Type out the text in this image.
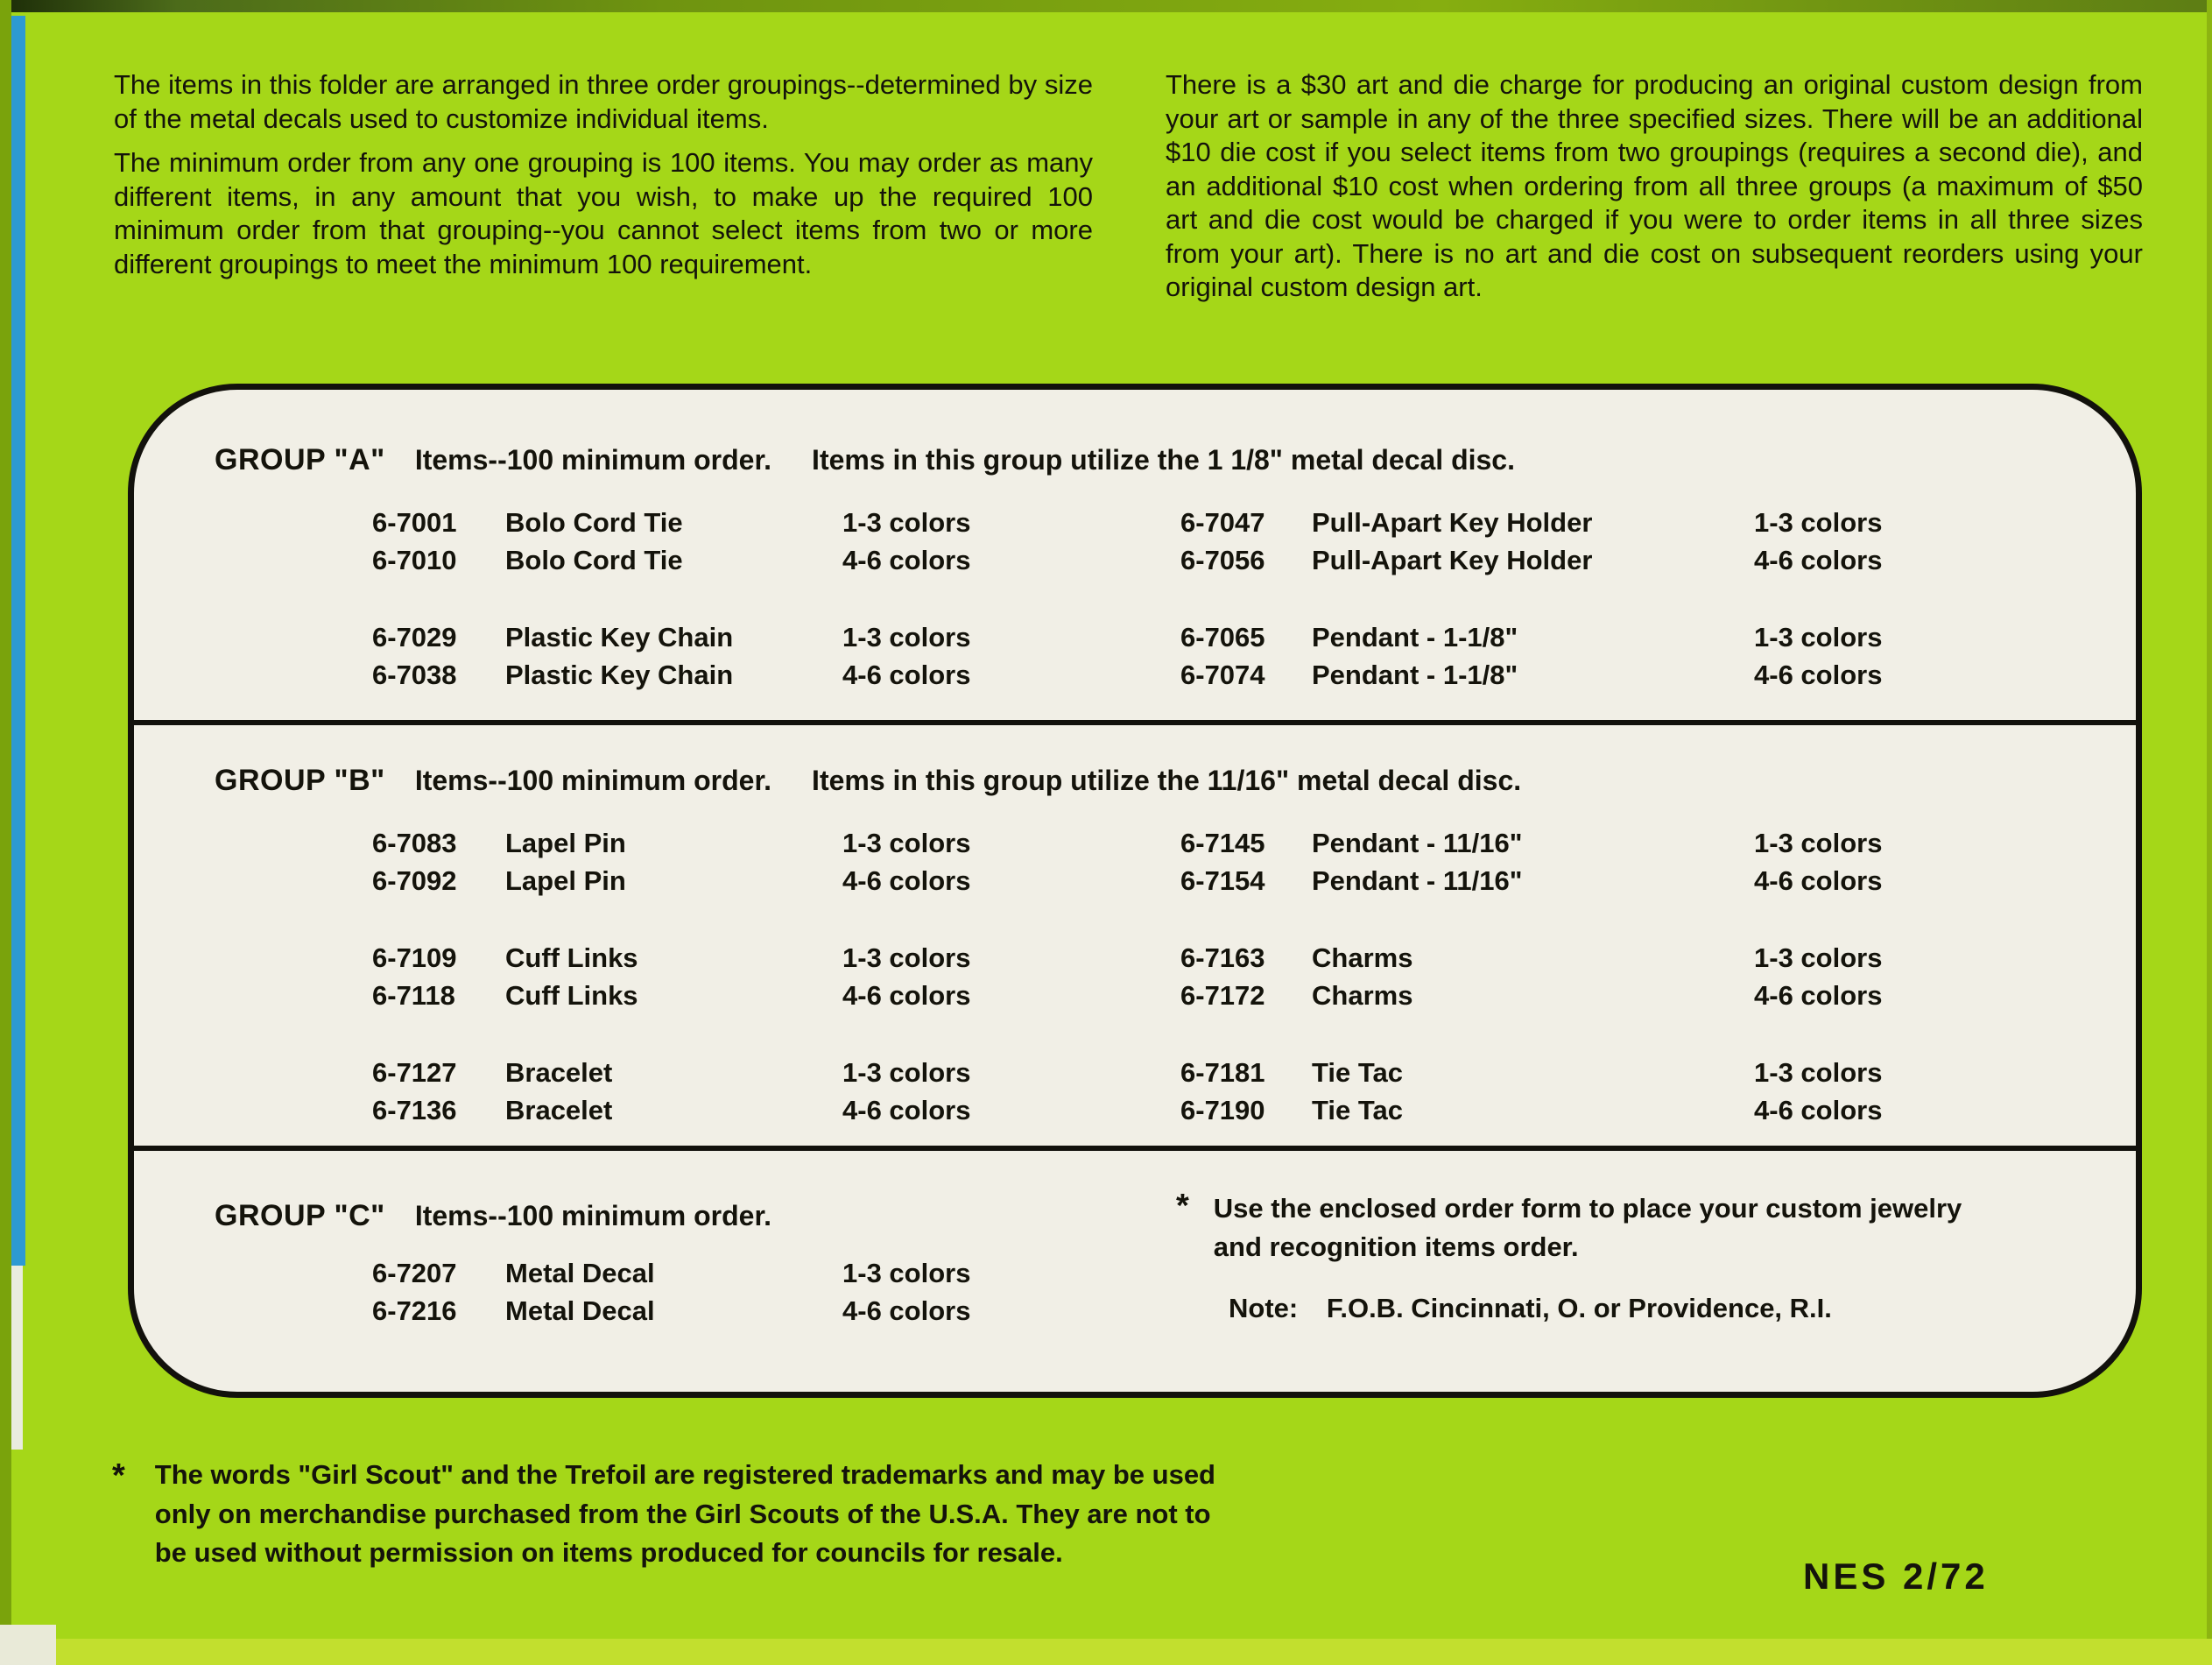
The items in this folder are arranged in three order groupings--determined by size of the metal decals used to customize individual items.

The minimum order from any one grouping is 100 items. You may order as many different items, in any amount that you wish, to make up the required 100 minimum order from that grouping--you cannot select items from two or more different groupings to meet the minimum 100 requirement.

There is a $30 art and die charge for producing an original custom design from your art or sample in any of the three specified sizes. There will be an additional $10 die cost if you select items from two groupings (requires a second die), and an additional $10 cost when ordering from all three groups (a maximum of $50 art and die cost would be charged if you were to order items in all three sizes from your art). There is no art and die cost on subsequent reorders using your original custom design art.

GROUP "A" Items--100 minimum order. Items in this group utilize the 1 1/8" metal decal disc.
6-7001	Bolo Cord Tie	1-3 colors
6-7010	Bolo Cord Tie	4-6 colors
6-7029	Plastic Key Chain	1-3 colors
6-7038	Plastic Key Chain	4-6 colors
6-7047	Pull-Apart Key Holder	1-3 colors
6-7056	Pull-Apart Key Holder	4-6 colors
6-7065	Pendant - 1-1/8"	1-3 colors
6-7074	Pendant - 1-1/8"	4-6 colors
GROUP "B" Items--100 minimum order. Items in this group utilize the 11/16" metal decal disc.
6-7083	Lapel Pin	1-3 colors
6-7092	Lapel Pin	4-6 colors
6-7109	Cuff Links	1-3 colors
6-7118	Cuff Links	4-6 colors
6-7127	Bracelet	1-3 colors
6-7136	Bracelet	4-6 colors
6-7145	Pendant - 11/16"	1-3 colors
6-7154	Pendant - 11/16"	4-6 colors
6-7163	Charms	1-3 colors
6-7172	Charms	4-6 colors
6-7181	Tie Tac	1-3 colors
6-7190	Tie Tac	4-6 colors
GROUP "C" Items--100 minimum order.
6-7207	Metal Decal	1-3 colors
6-7216	Metal Decal	4-6 colors
* Use the enclosed order form to place your custom jewelry and recognition items order.
Note: F.O.B. Cincinnati, O. or Providence, R.I.
* The words "Girl Scout" and the Trefoil are registered trademarks and may be used only on merchandise purchased from the Girl Scouts of the U.S.A. They are not to be used without permission on items produced for councils for resale.
NES 2/72
